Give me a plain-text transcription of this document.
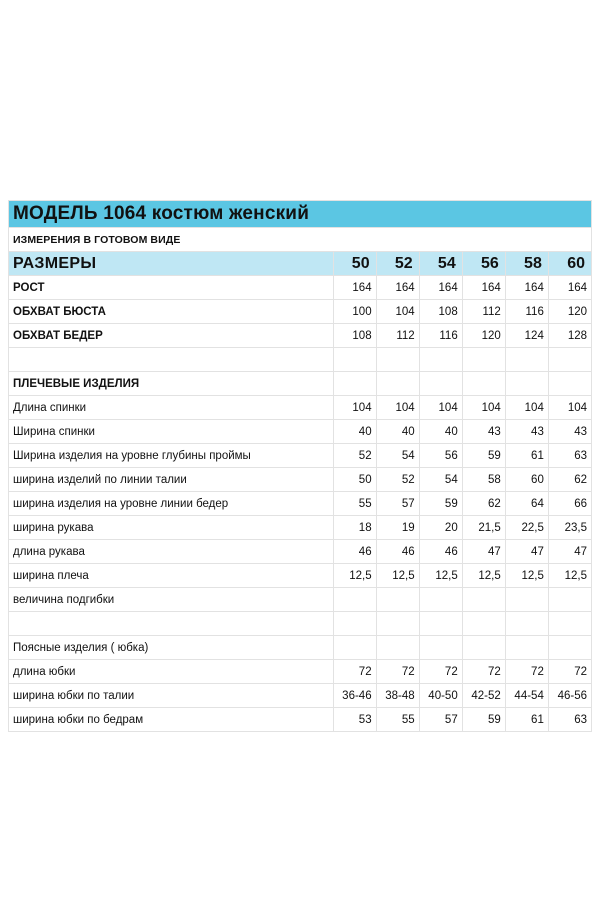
МОДЕЛЬ 1064 костюм женский						
ИЗМЕРЕНИЯ В ГОТОВОМ ВИДЕ						
РАЗМЕРЫ	50	52	54	56	58	60
РОСТ	164	164	164	164	164	164
ОБХВАТ БЮСТА	100	104	108	112	116	120
ОБХВАТ БЕДЕР	108	112	116	120	124	128

ПЛЕЧЕВЫЕ ИЗДЕЛИЯ						
Длина спинки	104	104	104	104	104	104
Ширина спинки	40	40	40	43	43	43
Ширина изделия на уровне глубины проймы	52	54	56	59	61	63
ширина изделий по линии талии	50	52	54	58	60	62
ширина изделия на уровне линии бедер	55	57	59	62	64	66
ширина рукава	18	19	20	21,5	22,5	23,5
длина рукава	46	46	46	47	47	47
ширина плеча	12,5	12,5	12,5	12,5	12,5	12,5
величина подгибки						

Поясные изделия ( юбка)						
длина юбки	72	72	72	72	72	72
ширина юбки по талии	36-46	38-48	40-50	42-52	44-54	46-56
ширина юбки по бедрам	53	55	57	59	61	63
